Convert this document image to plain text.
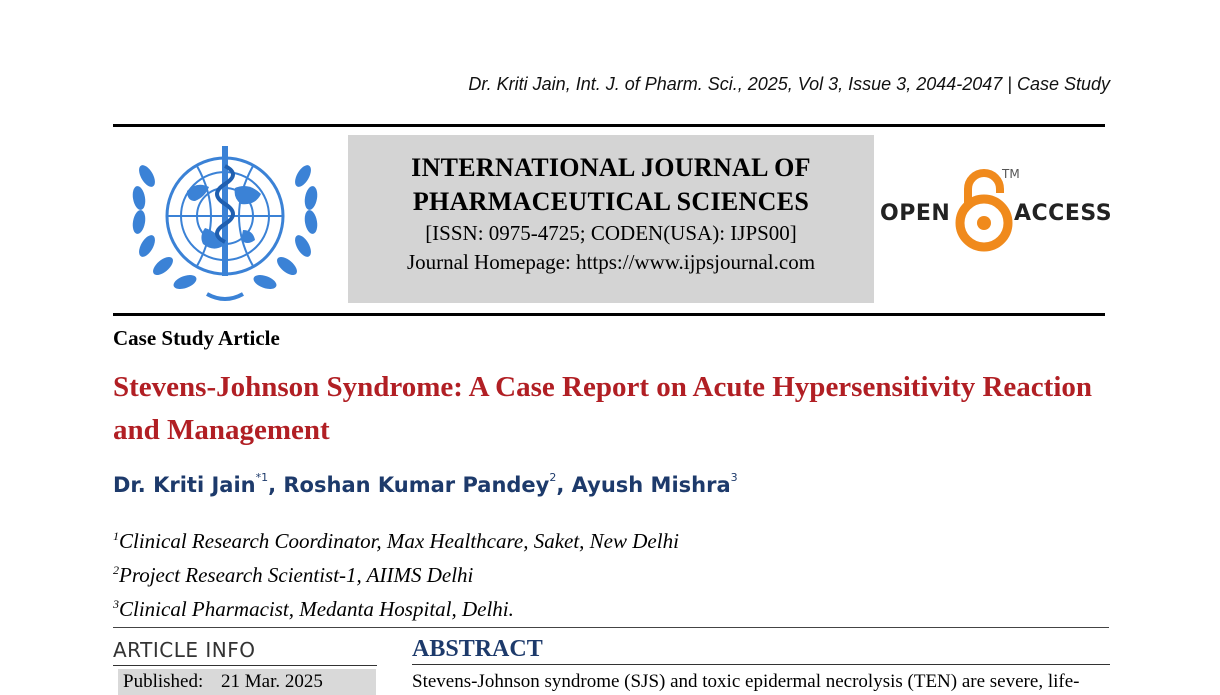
Dr. Kriti Jain, Int. J. of Pharm. Sci., 2025, Vol 3, Issue 3, 2044-2047 | Case Study
INTERNATIONAL JOURNAL OF
PHARMACEUTICAL SCIENCES
[ISSN: 0975-4725; CODEN(USA): IJPS00]
Journal Homepage: https://www.ijpsjournal.com
OPEN
TM
ACCESS
Case Study Article
Stevens-Johnson Syndrome: A Case Report on Acute Hypersensitivity Reaction and Management
Dr. Kriti Jain$^{*1}$, Roshan Kumar Pandey$^2$, Ayush Mishra$^3$
$^1$Clinical Research Coordinator, Max Healthcare, Saket, New Delhi
$^2$Project Research Scientist-1, AIIMS Delhi
$^3$Clinical Pharmacist, Medanta Hospital, Delhi.
ARTICLE INFO
Published: 21 Mar. 2025
ABSTRACT
Stevens-Johnson syndrome (SJS) and toxic epidermal necrolysis (TEN) are severe, life-
